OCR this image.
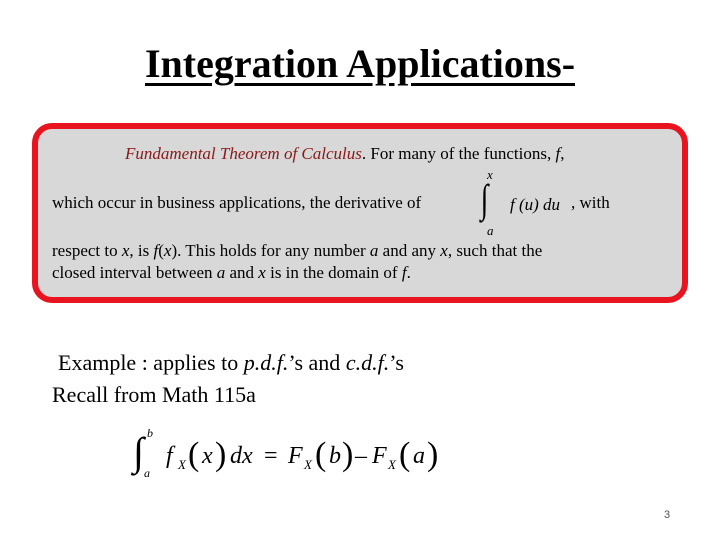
Integration Applications-
Fundamental Theorem of Calculus. For many of the functions, f,
which occur in business applications, the derivative of
x
∫
a
f (u) du , with
respect to x, is f(x). This holds for any number a and any x, such that the
closed interval between a and x is in the domain of f.
Example : applies to p.d.f.’s and c.d.f.’s
Recall from Math 115a
∫ b
a
f X ( x ) dx = F X ( b ) – F X ( a )
3
